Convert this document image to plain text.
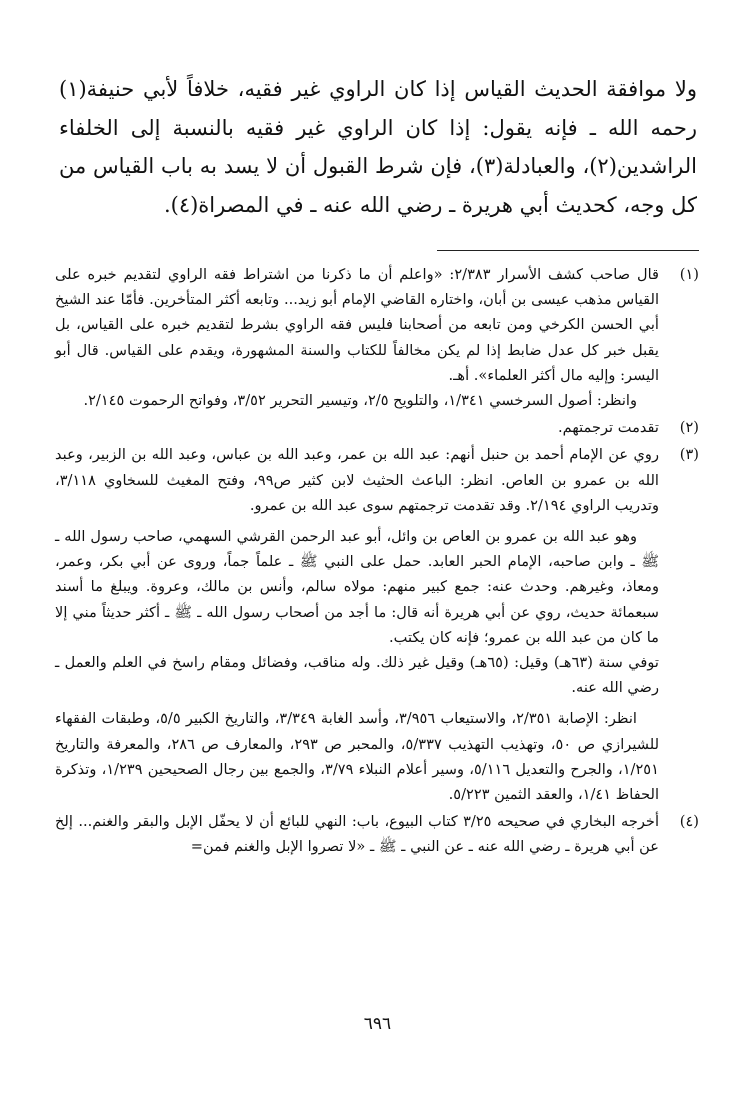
ولا موافقة الحديث القياس إذا كان الراوي غير فقيه، خلافاً لأبي حنيفة(١) رحمه الله ـ فإنه يقول: إذا كان الراوي غير فقيه بالنسبة إلى الخلفاء الراشدين(٢)، والعبادلة(٣)، فإن شرط القبول أن لا يسد به باب القياس من كل وجه، كحديث أبي هريرة ـ رضي الله عنه ـ في المصراة(٤).

(١)

قال صاحب كشف الأسرار ٢/٣٨٣: «واعلم أن ما ذكرنا من اشتراط فقه الراوي لتقديم خبره على القياس مذهب عيسى بن أبان، واختاره القاضي الإمام أبو زيد... وتابعه أكثر المتأخرين. فأمّا عند الشيخ أبي الحسن الكرخي ومن تابعه من أصحابنا فليس فقه الراوي بشرط لتقديم خبره على القياس، بل يقبل خبر كل عدل ضابط إذا لم يكن مخالفاً للكتاب والسنة المشهورة، ويقدم على القياس. قال أبو اليسر: وإليه مال أكثر العلماء». أهـ.

وانظر: أصول السرخسي ١/٣٤١، والتلويح ٢/٥، وتيسير التحرير ٣/٥٢، وفواتح الرحموت ٢/١٤٥.

(٢)

تقدمت ترجمتهم.

(٣)

روي عن الإمام أحمد بن حنبل أنهم: عبد الله بن عمر، وعبد الله بن عباس، وعبد الله بن الزبير، وعبد الله بن عمرو بن العاص. انظر: الباعث الحثيث لابن كثير ص٩٩، وفتح المغيث للسخاوي ٣/١١٨، وتدريب الراوي ٢/١٩٤. وقد تقدمت ترجمتهم سوى عبد الله بن عمرو.

وهو عبد الله بن عمرو بن العاص بن وائل، أبو عبد الرحمن القرشي السهمي، صاحب رسول الله ـ ﷺ ـ وابن صاحبه، الإمام الحبر العابد. حمل على النبي ﷺ ـ علماً جماً، وروى عن أبي بكر، وعمر، ومعاذ، وغيرهم. وحدث عنه: جمع كبير منهم: مولاه سالم، وأنس بن مالك، وعروة. ويبلغ ما أسند سبعمائة حديث، روي عن أبي هريرة أنه قال: ما أجد من أصحاب رسول الله ـ ﷺ ـ أكثر حديثاً مني إلا ما كان من عبد الله بن عمرو؛ فإنه كان يكتب.

توفي سنة (٦٣هـ) وقيل: (٦٥هـ) وقيل غير ذلك. وله مناقب، وفضائل ومقام راسخ في العلم والعمل ـ رضي الله عنه.

انظر: الإصابة ٢/٣٥١، والاستيعاب ٣/٩٥٦، وأسد الغابة ٣/٣٤٩، والتاريخ الكبير ٥/٥، وطبقات الفقهاء للشيرازي ص ٥٠، وتهذيب التهذيب ٥/٣٣٧، والمحبر ص ٢٩٣، والمعارف ص ٢٨٦، والمعرفة والتاريخ ١/٢٥١، والجرح والتعديل ٥/١١٦، وسير أعلام النبلاء ٣/٧٩، والجمع بين رجال الصحيحين ١/٢٣٩، وتذكرة الحفاظ ١/٤١، والعقد الثمين ٥/٢٢٣.

(٤)

أخرجه البخاري في صحيحه ٣/٢٥ كتاب البيوع، باب: النهي للبائع أن لا يحفّل الإبل والبقر والغنم... إلخ عن أبي هريرة ـ رضي الله عنه ـ عن النبي ـ ﷺ ـ «لا تصروا الإبل والغنم فمن=

٦٩٦
